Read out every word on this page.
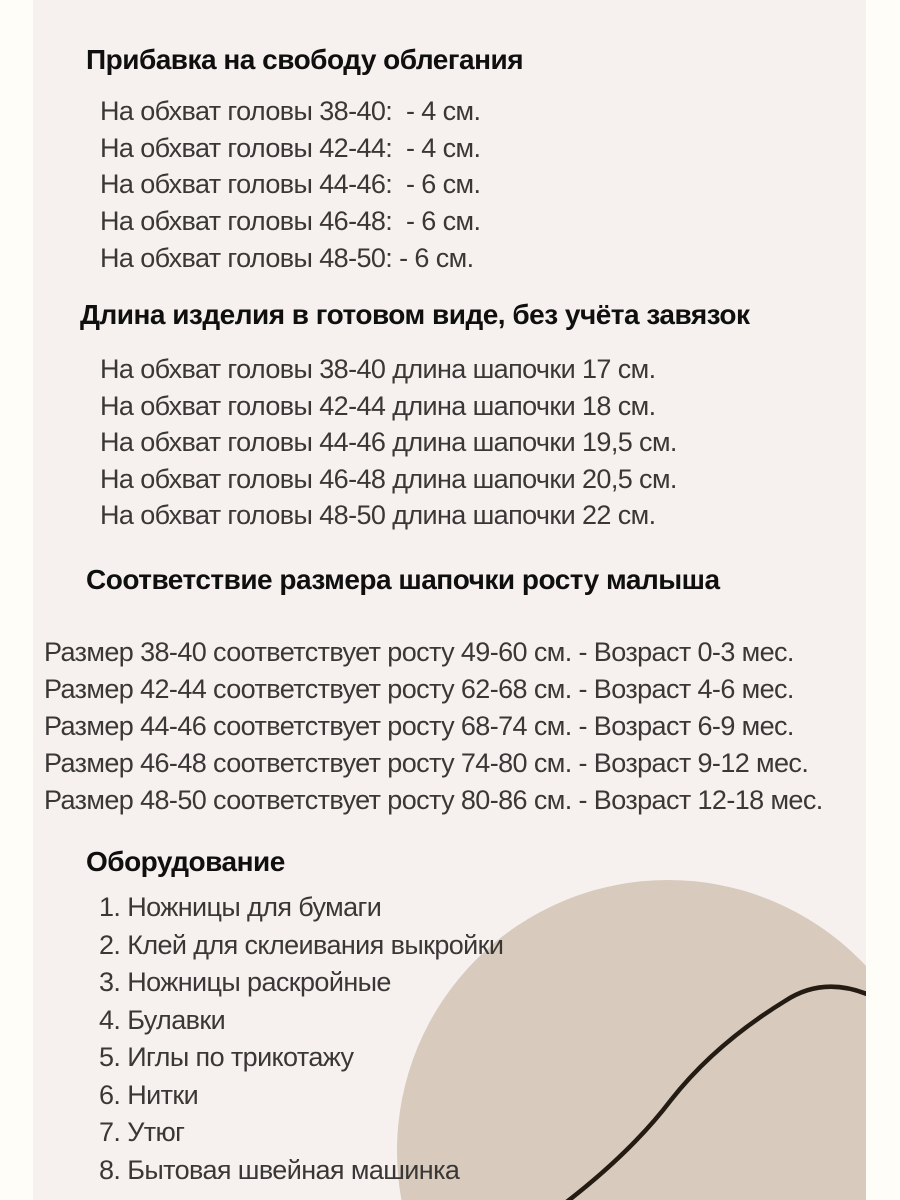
Прибавка на свободу облегания
На обхват головы 38-40:  - 4 см.
На обхват головы 42-44:  - 4 см.
На обхват головы 44-46:  - 6 см.
На обхват головы 46-48:  - 6 см.
На обхват головы 48-50: - 6 см.
Длина изделия в готовом виде, без учёта завязок
На обхват головы 38-40 длина шапочки 17 см.
На обхват головы 42-44 длина шапочки 18 см.
На обхват головы 44-46 длина шапочки 19,5 см.
На обхват головы 46-48 длина шапочки 20,5 см.
На обхват головы 48-50 длина шапочки 22 см.
Соответствие размера шапочки росту малыша
Размер 38-40 соответствует росту 49-60 см. - Возраст 0-3 мес.
Размер 42-44 соответствует росту 62-68 см. - Возраст 4-6 мес.
Размер 44-46 соответствует росту 68-74 см. - Возраст 6-9 мес.
Размер 46-48 соответствует росту 74-80 см. - Возраст 9-12 мес.
Размер 48-50 соответствует росту 80-86 см. - Возраст 12-18 мес.
Оборудование
1. Ножницы для бумаги
2. Клей для склеивания выкройки
3. Ножницы раскройные
4. Булавки
5. Иглы по трикотажу
6. Нитки
7. Утюг
8. Бытовая швейная машинка
